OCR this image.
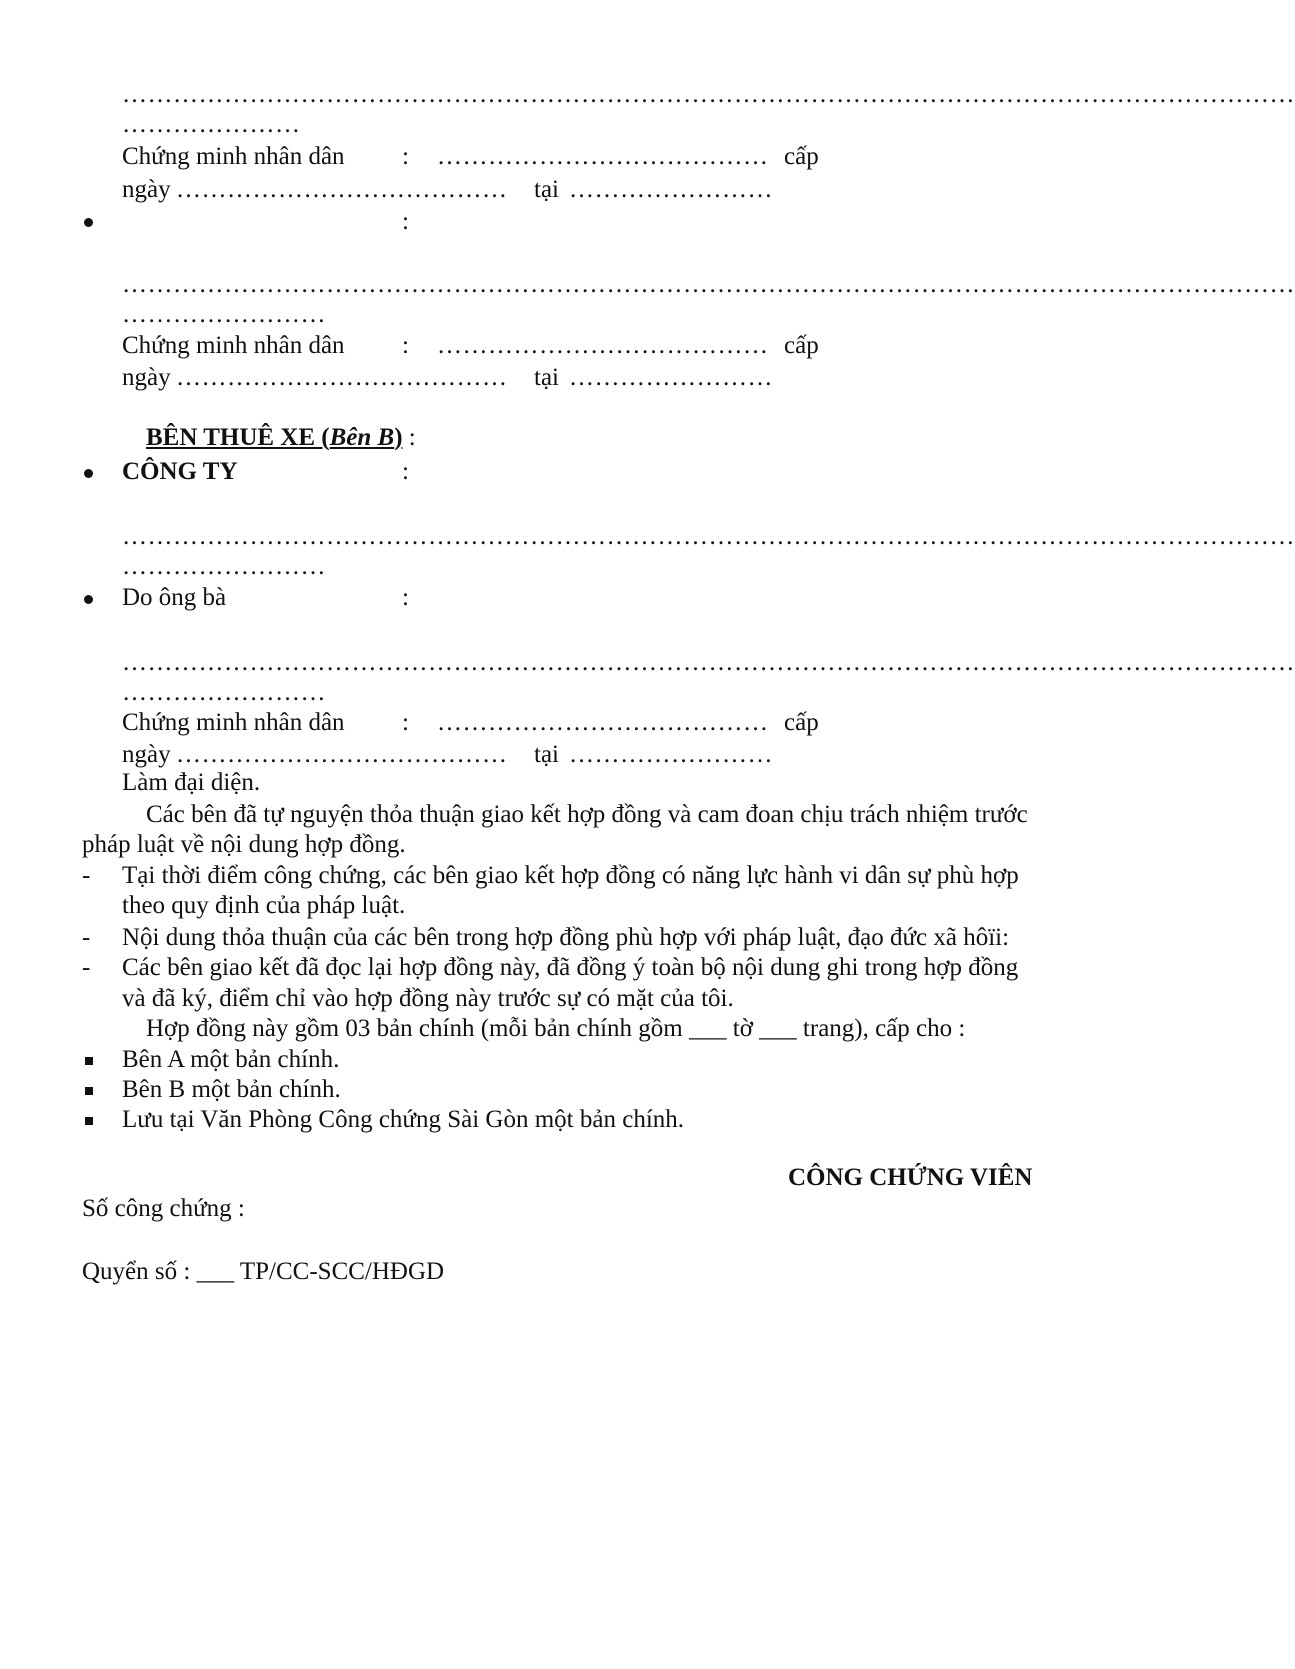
…………………………………………………………………………………………………………………………
…………………
Chứng minh nhân dân : ………………………………… cấp
ngày …………………………………	tại ……………………
:
…………………………………………………………………………………………………………………………
……………………
Chứng minh nhân dân : ………………………………… cấp
ngày …………………………………	tại ……………………
BÊN THUÊ XE (Bên B) :
CÔNG TY	:
…………………………………………………………………………………………………………………………
……………………
Do ông bà	:
…………………………………………………………………………………………………………………………
……………………
Chứng minh nhân dân : ………………………………… cấp
ngày …………………………………	tại ……………………
Làm đại diện.
Các bên đã tự nguyện thỏa thuận giao kết hợp đồng và cam đoan chịu trách nhiệm trước
pháp luật về nội dung hợp đồng.
- Tại thời điểm công chứng, các bên giao kết hợp đồng có năng lực hành vi dân sự phù hợp
theo quy định của pháp luật.
- Nội dung thỏa thuận của các bên trong hợp đồng phù hợp với pháp luật, đạo đức xã hôïi:
- Các bên giao kết đã đọc lại hợp đồng này, đã đồng ý toàn bộ nội dung ghi trong hợp đồng
và đã ký, điểm chỉ vào hợp đồng này trước sự có mặt của tôi.
Hợp đồng này gồm 03 bản chính (mỗi bản chính gồm ___ tờ ___ trang), cấp cho :
Bên A một bản chính.
Bên B một bản chính.
Lưu tại Văn Phòng Công chứng Sài Gòn một bản chính.
CÔNG CHỨNG VIÊN
Số công chứng :
Quyển số : ___ TP/CC-SCC/HĐGD
